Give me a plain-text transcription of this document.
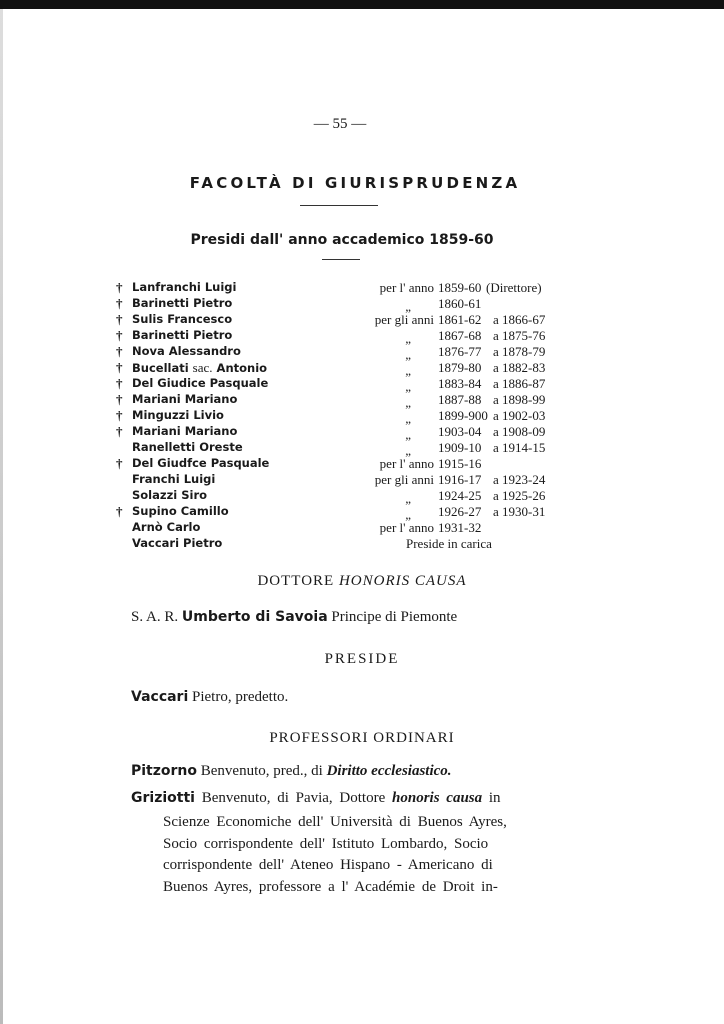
— 55 —
FACOLTÀ DI GIURISPRUDENZA
Presidi dall' anno accademico 1859-60
† Lanfranchi Luigi	per l' anno 1859-60 (Direttore)
† Barinetti Pietro	„ 1860-61
† Sulis Francesco	per gli anni 1861-62 a 1866-67
† Barinetti Pietro	„ 1867-68 a 1875-76
† Nova Alessandro	„ 1876-77 a 1878-79
† Bucellati sac. Antonio	„ 1879-80 a 1882-83
† Del Giudice Pasquale	„ 1883-84 a 1886-87
† Mariani Mariano	„ 1887-88 a 1898-99
† Minguzzi Livio	„ 1899-900 a 1902-03
† Mariani Mariano	„ 1903-04 a 1908-09
Ranelletti Oreste	„ 1909-10 a 1914-15
† Del Giudfce Pasquale	per l' anno 1915-16
Franchi Luigi	per gli anni 1916-17 a 1923-24
Solazzi Siro	„ 1924-25 a 1925-26
† Supino Camillo	„ 1926-27 a 1930-31
Arnò Carlo	per l' anno 1931-32
Vaccari Pietro	Preside in carica
DOTTORE HONORIS CAUSA
S. A. R. Umberto di Savoia Principe di Piemonte
PRESIDE
Vaccari Pietro, predetto.
PROFESSORI ORDINARI
Pitzorno Benvenuto, pred., di Diritto ecclesiastico.
Griziotti Benvenuto, di Pavia, Dottore honoris causa in
Scienze Economiche dell' Università di Buenos Ayres,
Socio corrispondente dell' Istituto Lombardo, Socio
corrispondente dell' Ateneo Hispano - Americano di
Buenos Ayres, professore a l' Académie de Droit in-
